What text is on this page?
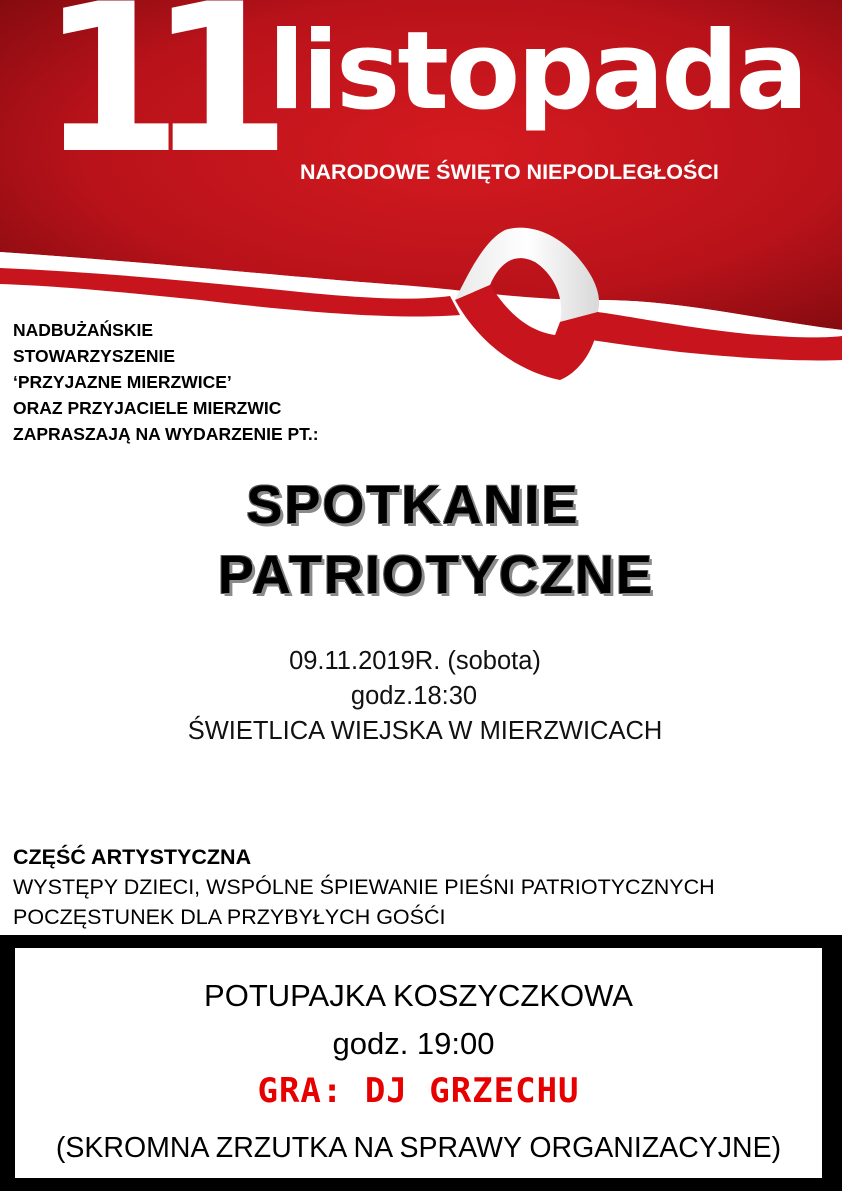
11 listopada
NARODOWE ŚWIĘTO NIEPODLEGŁOŚCI
NADBUŻAŃSKIE
STOWARZYSZENIE
‘PRZYJAZNE MIERZWICE’
ORAZ PRZYJACIELE MIERZWIC
ZAPRASZAJĄ NA WYDARZENIE PT.:
SPOTKANIE
PATRIOTYCZNE
09.11.2019R. (sobota)
godz.18:30
ŚWIETLICA WIEJSKA W MIERZWICACH
CZĘŚĆ ARTYSTYCZNA
WYSTĘPY DZIECI, WSPÓLNE ŚPIEWANIE PIEŚNI PATRIOTYCZNYCH
POCZĘSTUNEK DLA PRZYBYŁYCH GOŚĆI
POTUPAJKA KOSZYCZKOWA
godz. 19:00
GRA: DJ GRZECHU
(SKROMNA ZRZUTKA NA SPRAWY ORGANIZACYJNE)
